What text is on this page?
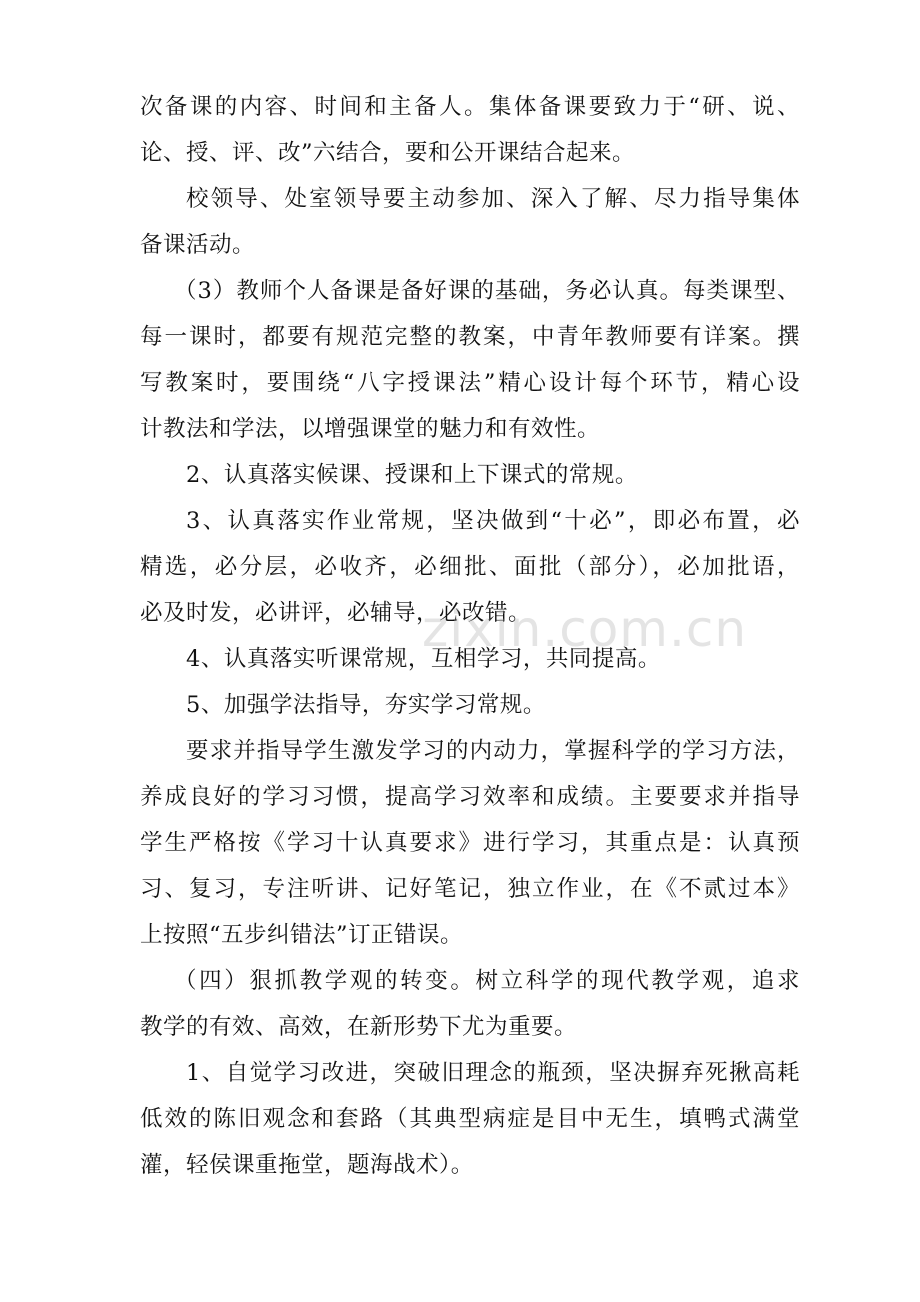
次备课的内容、时间和主备人。集体备课要致力于“研、说、
论、授、评、改”六结合，要和公开课结合起来。
校领导、处室领导要主动参加、深入了解、尽力指导集体
备课活动。
（3）教师个人备课是备好课的基础，务必认真。每类课型、
每一课时，都要有规范完整的教案，中青年教师要有详案。撰
写教案时，要围绕“八字授课法”精心设计每个环节，精心设
计教法和学法，以增强课堂的魅力和有效性。
2、认真落实候课、授课和上下课式的常规。
3、认真落实作业常规，坚决做到“十必”，即必布置，必
精选，必分层，必收齐，必细批、面批（部分），必加批语，
必及时发，必讲评，必辅导，必改错。
4、认真落实听课常规，互相学习，共同提高。
5、加强学法指导，夯实学习常规。
要求并指导学生激发学习的内动力，掌握科学的学习方法，
养成良好的学习习惯，提高学习效率和成绩。主要要求并指导
学生严格按《学习十认真要求》进行学习，其重点是：认真预
习、复习，专注听讲、记好笔记，独立作业，在《不贰过本》
上按照“五步纠错法”订正错误。
（四）狠抓教学观的转变。树立科学的现代教学观，追求
教学的有效、高效，在新形势下尤为重要。
1、自觉学习改进，突破旧理念的瓶颈，坚决摒弃死揪高耗
低效的陈旧观念和套路（其典型病症是目中无生，填鸭式满堂
灌，轻侯课重拖堂，题海战术）。
zixin.com.cn
